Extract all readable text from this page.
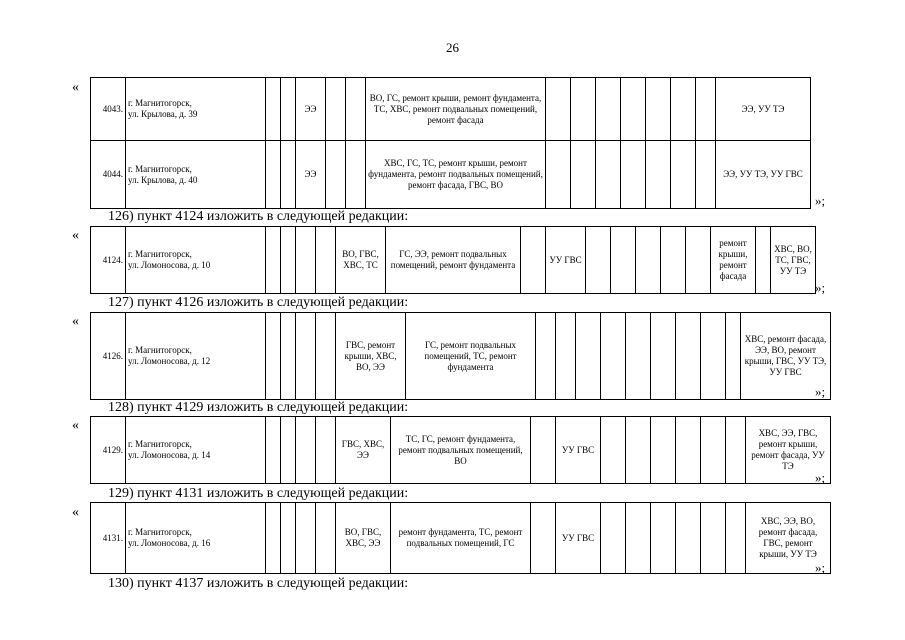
26
«
4043.	г. Магнитогорск,
ул. Крылова, д. 39			ЭЭ			ВО, ГС, ремонт крыши, ремонт фундамента, ТС, ХВС, ремонт подвальных помещений, ремонт фасада								ЭЭ, УУ ТЭ
4044.	г. Магнитогорск,
ул. Крылова, д. 40			ЭЭ			ХВС, ГС, ТС, ремонт крыши, ремонт фундамента, ремонт подвальных помещений, ремонт фасада, ГВС, ВО								ЭЭ, УУ ТЭ, УУ ГВС
»;
126) пункт 4124 изложить в следующей редакции:
«
4124.	г. Магнитогорск,
ул. Ломоносова, д. 10					ВО, ГВС, ХВС, ТС	ГС, ЭЭ, ремонт подвальных помещений, ремонт фундамента		УУ ГВС						ремонт крыши, ремонт фасада		ХВС, ВО, ТС, ГВС, УУ ТЭ
»;
127) пункт 4126 изложить в следующей редакции:
«
4126.	г. Магнитогорск,
ул. Ломоносова, д. 12					ГВС, ремонт крыши, ХВС, ВО, ЭЭ	ГС, ремонт подвальных помещений, ТС, ремонт фундамента										ХВС, ремонт фасада, ЭЭ, ВО, ремонт крыши, ГВС, УУ ТЭ, УУ ГВС
»;
128) пункт 4129 изложить в следующей редакции:
«
4129.	г. Магнитогорск,
ул. Ломоносова, д. 14					ГВС, ХВС, ЭЭ	ТС, ГС, ремонт фундамента, ремонт подвальных помещений, ВО		УУ ГВС							ХВС, ЭЭ, ГВС, ремонт крыши, ремонт фасада, УУ ТЭ
»;
129) пункт 4131 изложить в следующей редакции:
«
4131.	г. Магнитогорск,
ул. Ломоносова, д. 16					ВО, ГВС, ХВС, ЭЭ	ремонт фундамента, ТС, ремонт подвальных помещений, ГС		УУ ГВС							ХВС, ЭЭ, ВО, ремонт фасада, ГВС, ремонт крыши, УУ ТЭ
»;
130) пункт 4137 изложить в следующей редакции:
